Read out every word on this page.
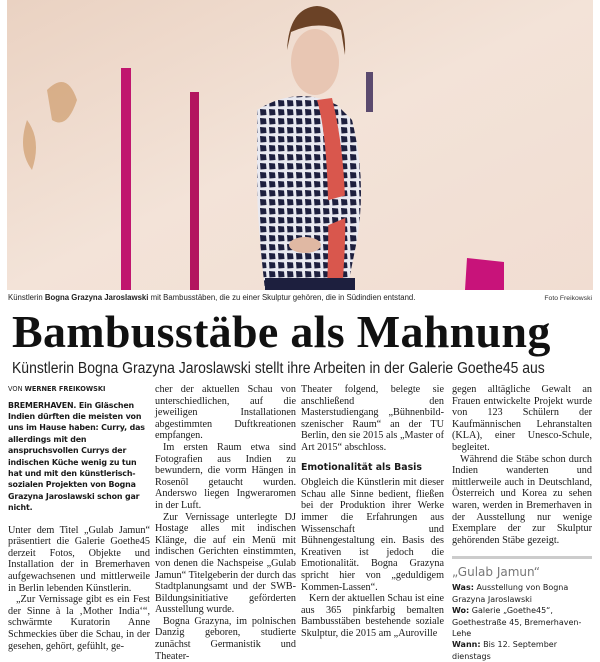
Künstlerin Bogna Grazyna Jaroslawski mit Bambusstäben, die zu einer Skulptur gehören, die in Südindien entstand.	Foto Freikowski
Bambusstäbe als Mahnung
Künstlerin Bogna Grazyna Jaroslawski stellt ihre Arbeiten in der Galerie Goethe45 aus

VON WERNER FREIKOWSKI

BREMERHAVEN. Ein Gläschen Indien dürften die meisten von uns im Hause haben: Curry, das allerdings mit den anspruchsvollen Currys der indischen Küche wenig zu tun hat und mit den künstlerisch-sozialen Projekten von Bogna Grazyna Jaroslawski schon gar nicht.

Unter dem Titel „Gulab Jamun“ präsentiert die Galerie Goethe45 derzeit Fotos, Objekte und Installation der in Bremerhaven aufgewachsenen und mittlerweile in Berlin lebenden Künstlerin.

„Zur Vernissage gibt es ein Fest der Sinne à la ‚Mother India‘“, schwärmte Kuratorin Anne Schmeckies über die Schau, in der gesehen, gehört, gefühlt, ge-

cher der aktuellen Schau von unterschiedlichen, auf die jeweiligen Installationen abgestimmten Duftkreationen empfangen.

Im ersten Raum etwa sind Fotografien aus Indien zu bewundern, die vorm Hängen in Rosenöl getaucht wurden. Anderswo liegen Ingweraromen in der Luft.

Zur Vernissage unterlegte DJ Hostage alles mit indischen Klänge, die auf ein Menü mit indischen Gerichten einstimmten, von denen die Nachspeise „Gulab Jamun“ Titelgeberin der durch das Stadtplanungsamt und der SWB-Bildungsinitiative geförderten Ausstellung wurde.

Bogna Grazyna, im polnischen Danzig geboren, studierte zunächst Germanistik und Theater-

Theater folgend, belegte sie anschließend den Masterstudiengang „Bühnenbild-szenischer Raum“ an der TU Berlin, den sie 2015 als „Master of Art 2015“ abschloss.

Emotionalität als Basis

Obgleich die Künstlerin mit dieser Schau alle Sinne bedient, fließen bei der Produktion ihrer Werke immer die Erfahrungen aus Wissenschaft und Bühnengestaltung ein. Basis des Kreativen ist jedoch die Emotionalität. Bogna Grazyna spricht hier von „geduldigem Kommen-Lassen“.

Kern der aktuellen Schau ist eine aus 365 pinkfarbig bemalten Bambusstäben bestehende soziale Skulptur, die 2015 am „Auroville

gegen alltägliche Gewalt an Frauen entwickelte Projekt wurde von 123 Schülern der Kaufmännischen Lehranstalten (KLA), einer Unesco-Schule, begleitet.

Während die Stäbe schon durch Indien wanderten und mittlerweile auch in Deutschland, Österreich und Korea zu sehen waren, werden in Bremerhaven in der Ausstellung nur wenige Exemplare der zur Skulptur gehörenden Stäbe gezeigt.

„Gulab Jamun“

Was: Ausstellung von Bogna Grazyna Jaroslawski

Wo: Galerie „Goethe45“, Goethestraße 45, Bremerhaven-Lehe

Wann: Bis 12. September dienstags
